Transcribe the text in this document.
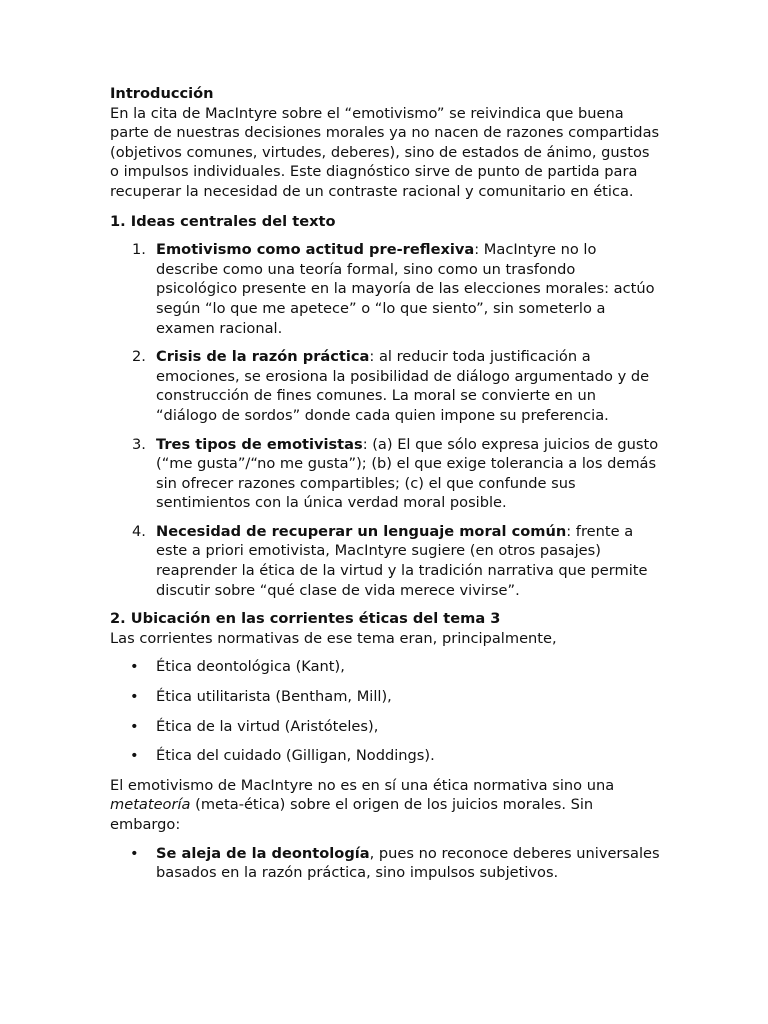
Introducción

En la cita de MacIntyre sobre el “emotivismo” se reivindica que buena parte de nuestras decisiones morales ya no nacen de razones compartidas (objetivos comunes, virtudes, deberes), sino de estados de ánimo, gustos o impulsos individuales. Este diagnóstico sirve de punto de partida para recuperar la necesidad de un contraste racional y comunitario en ética.

1. Ideas centrales del texto

1. Emotivismo como actitud pre-reflexiva: MacIntyre no lo describe como una teoría formal, sino como un trasfondo psicológico presente en la mayoría de las elecciones morales: actúo según “lo que me apetece” o “lo que siento”, sin someterlo a examen racional.
2. Crisis de la razón práctica: al reducir toda justificación a emociones, se erosiona la posibilidad de diálogo argumentado y de construcción de fines comunes. La moral se convierte en un “diálogo de sordos” donde cada quien impone su preferencia.
3. Tres tipos de emotivistas: (a) El que sólo expresa juicios de gusto (“me gusta”/“no me gusta”); (b) el que exige tolerancia a los demás sin ofrecer razones compartibles; (c) el que confunde sus sentimientos con la única verdad moral posible.
4. Necesidad de recuperar un lenguaje moral común: frente a este a priori emotivista, MacIntyre sugiere (en otros pasajes) reaprender la ética de la virtud y la tradición narrativa que permite discutir sobre “qué clase de vida merece vivirse”.

2. Ubicación en las corrientes éticas del tema 3

Las corrientes normativas de ese tema eran, principalmente,

• Ética deontológica (Kant),
• Ética utilitarista (Bentham, Mill),
• Ética de la virtud (Aristóteles),
• Ética del cuidado (Gilligan, Noddings).

El emotivismo de MacIntyre no es en sí una ética normativa sino una metateoría (meta-ética) sobre el origen de los juicios morales. Sin embargo:

• Se aleja de la deontología, pues no reconoce deberes universales basados en la razón práctica, sino impulsos subjetivos.
